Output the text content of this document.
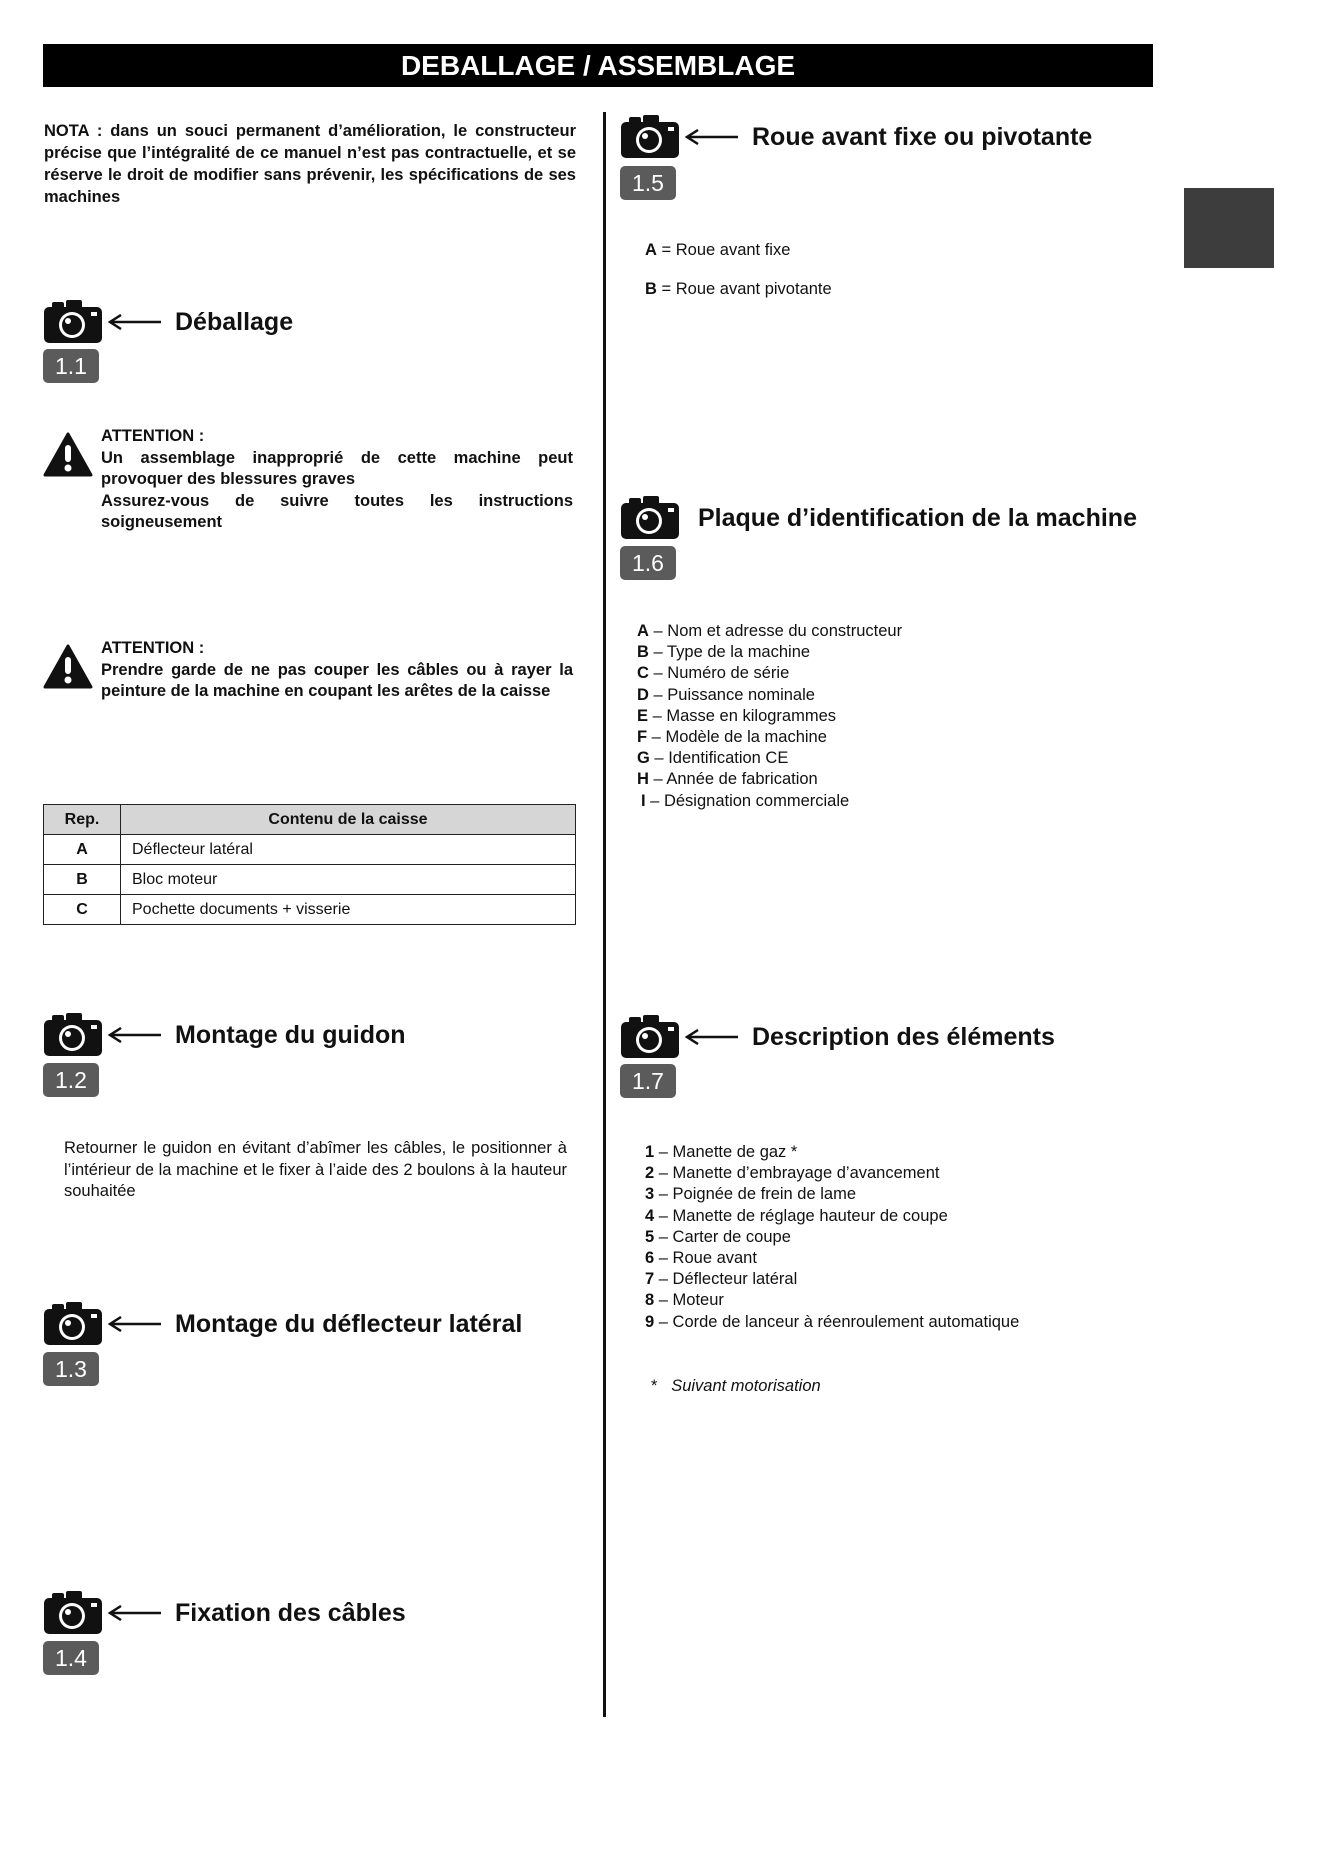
DEBALLAGE / ASSEMBLAGE
NOTA : dans un souci permanent d’amélioration, le constructeur précise que l’intégralité de ce manuel n’est pas contractuelle, et se réserve le droit de modifier sans prévenir, les spécifications de ses machines
Déballage
1.1
ATTENTION :
Un assemblage inapproprié de cette machine peut provoquer des blessures graves
Assurez-vous de suivre toutes les instructions soigneusement
ATTENTION :
Prendre garde de ne pas couper les câbles ou à rayer la peinture de la machine en coupant les arêtes de la caisse
Rep.	Contenu de la caisse
A	Déflecteur latéral
B	Bloc moteur
C	Pochette documents + visserie
Montage du guidon
1.2
Retourner le guidon en évitant d’abîmer les câbles, le positionner à l’intérieur de la machine et le fixer à l’aide des 2 boulons à la hauteur souhaitée
Montage du déflecteur latéral
1.3
Fixation des câbles
1.4
Roue avant fixe ou pivotante
1.5
A = Roue avant fixe
B = Roue avant pivotante
Plaque d’identification de la machine
1.6
A – Nom et adresse du constructeur
B – Type de la machine
C – Numéro de série
D – Puissance nominale
E – Masse en kilogrammes
F – Modèle de la machine
G – Identification CE
H – Année de fabrication
I – Désignation commerciale
Description des éléments
1.7
1 – Manette de gaz *
2 – Manette d’embrayage d’avancement
3 – Poignée de frein de lame
4 – Manette de réglage hauteur de coupe
5 – Carter de coupe
6 – Roue avant
7 – Déflecteur latéral
8 – Moteur
9 – Corde de lanceur à réenroulement automatique
* Suivant motorisation
